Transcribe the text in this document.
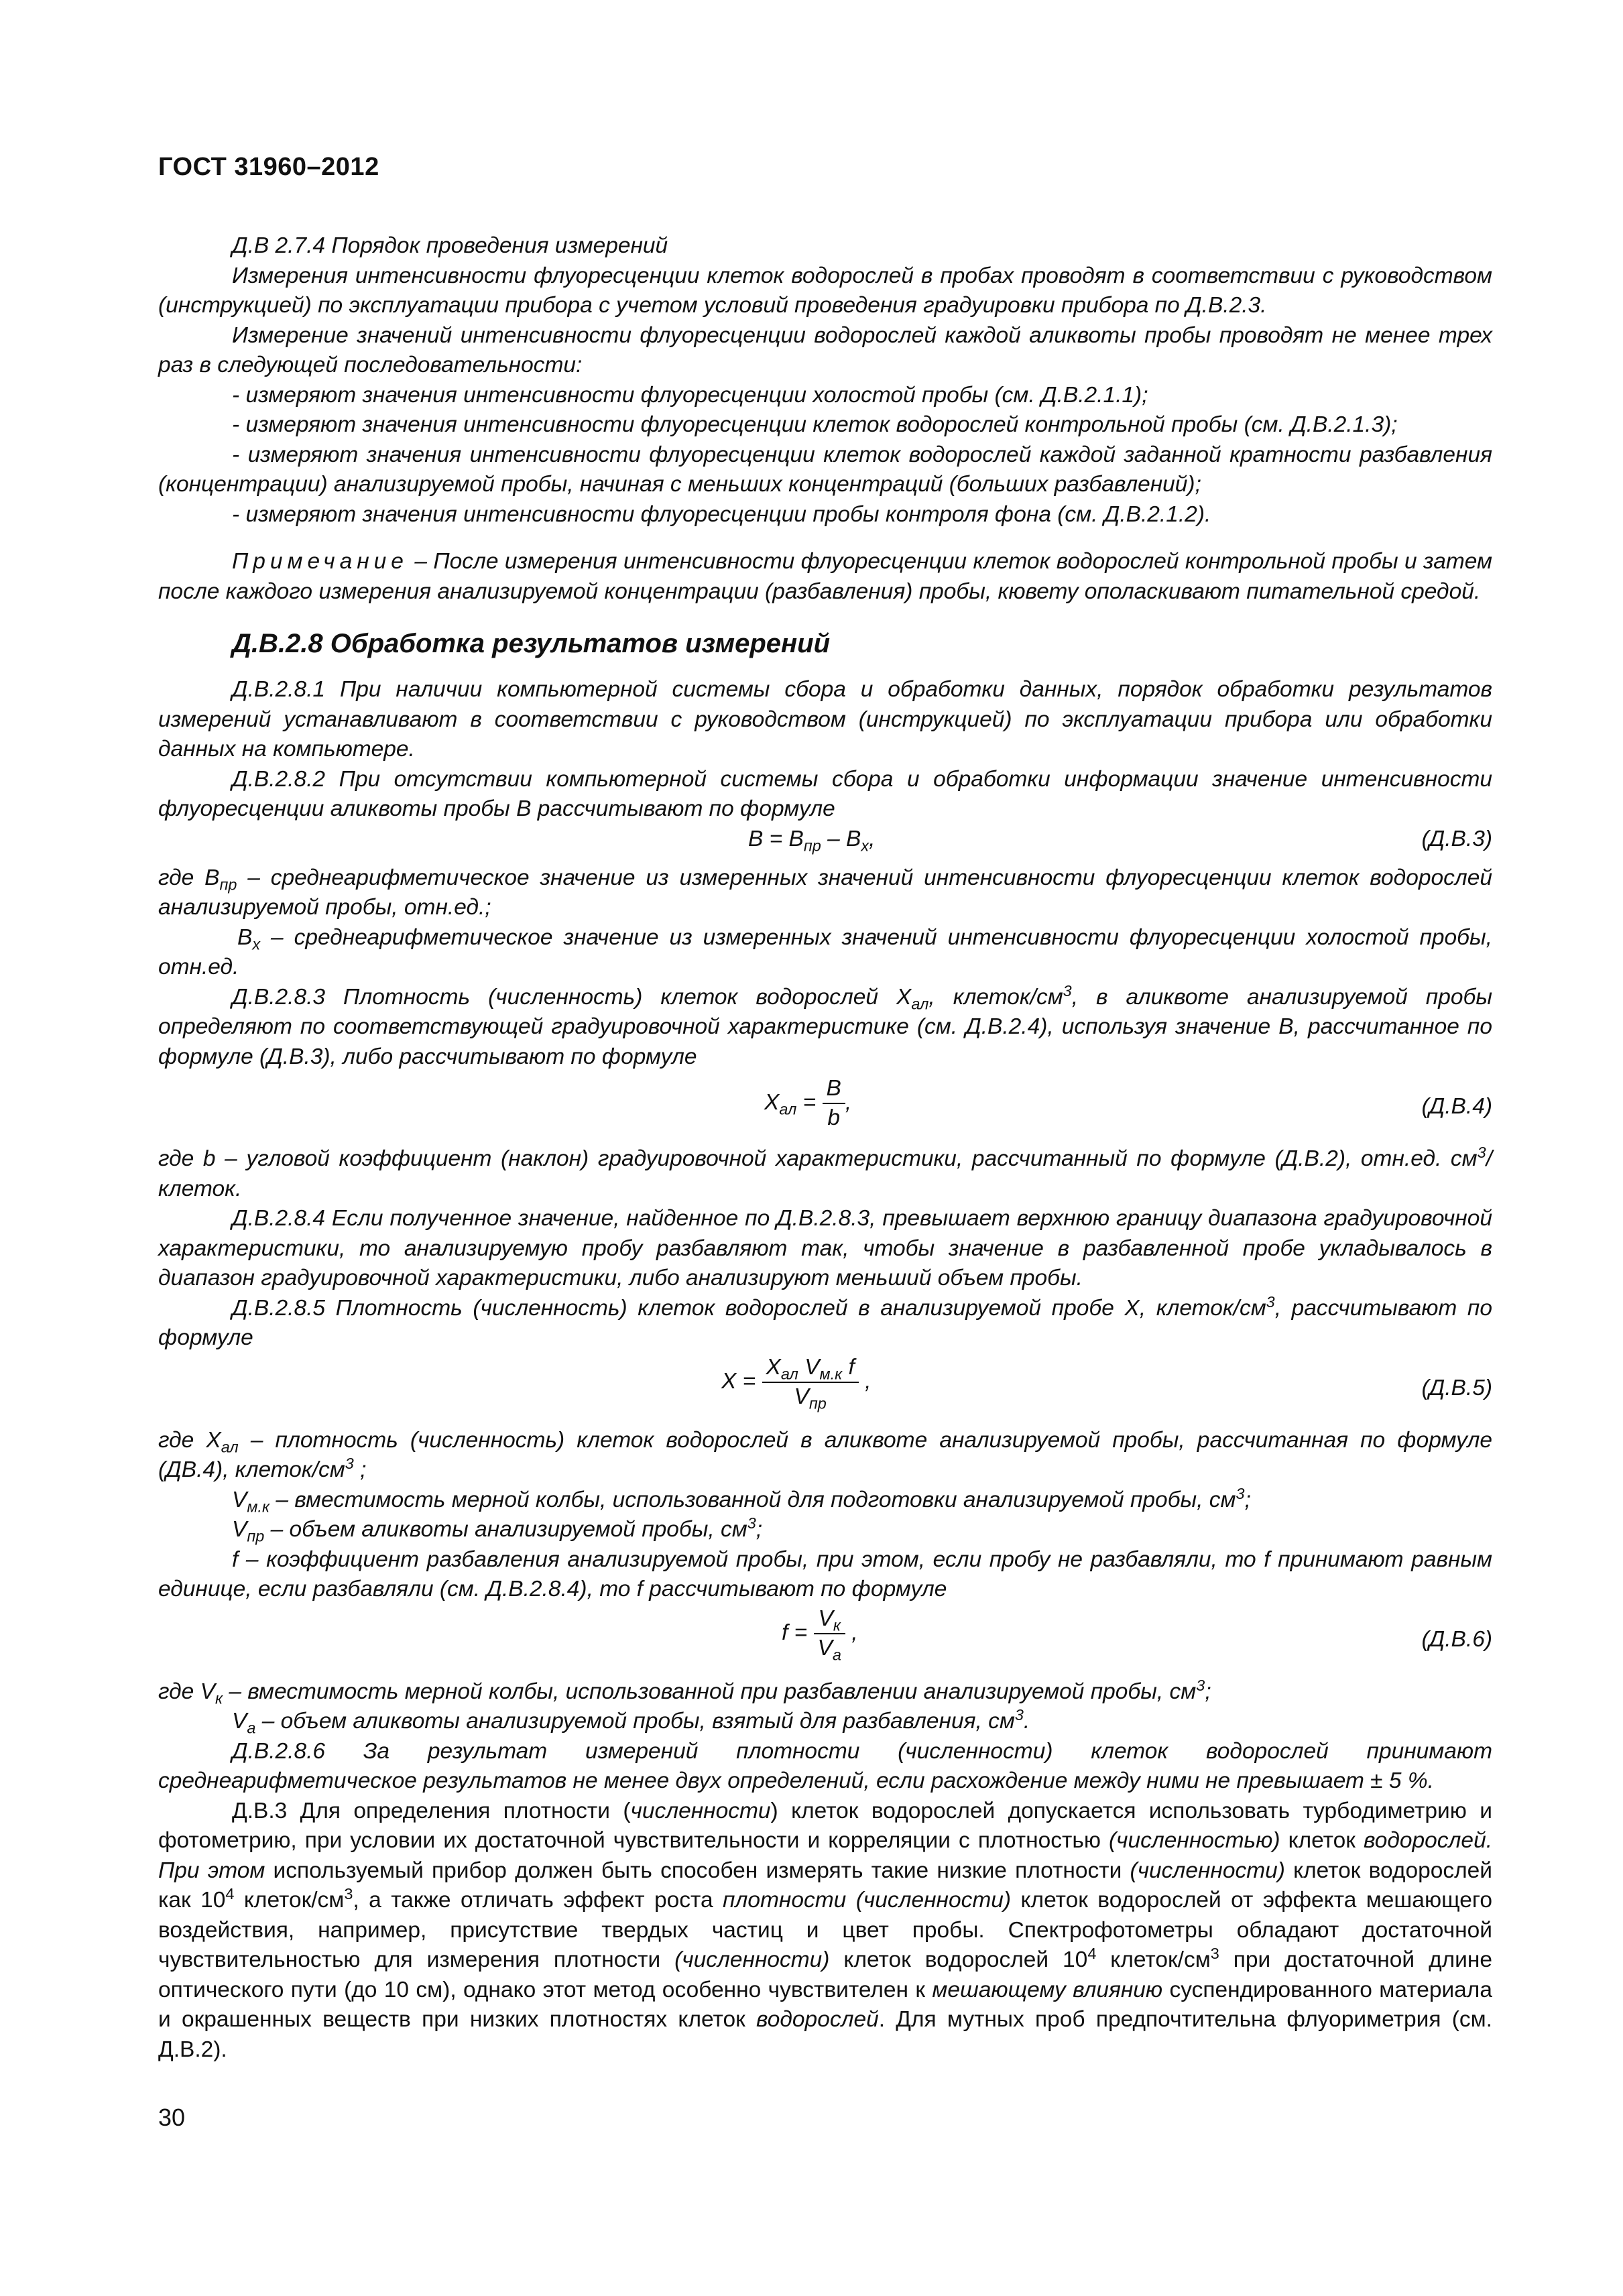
ГОСТ 31960–2012

Д.В 2.7.4 Порядок проведения измерений

Измерения интенсивности флуоресценции клеток водорослей в пробах проводят в соответствии с руководством (инструкцией) по эксплуатации прибора с учетом условий проведения градуировки прибора по Д.В.2.3.

Измерение значений интенсивности флуоресценции водорослей каждой аликвоты пробы проводят не менее трех раз в следующей последовательности:

- измеряют значения интенсивности флуоресценции холостой пробы (см. Д.В.2.1.1);

- измеряют значения интенсивности флуоресценции клеток водорослей контрольной пробы (см. Д.В.2.1.3);

- измеряют значения интенсивности флуоресценции клеток водорослей каждой заданной кратности разбавления (концентрации) анализируемой пробы, начиная с меньших концентраций (больших разбавлений);

- измеряют значения интенсивности флуоресценции пробы контроля фона (см. Д.В.2.1.2).

Примечание – После измерения интенсивности флуоресценции клеток водорослей контрольной пробы и затем после каждого измерения анализируемой концентрации (разбавления) пробы, кювету ополаскивают питательной средой.

Д.В.2.8 Обработка результатов измерений

Д.В.2.8.1 При наличии компьютерной системы сбора и обработки данных, порядок обработки результатов измерений устанавливают в соответствии с руководством (инструкцией) по эксплуатации прибора или обработки данных на компьютере.

Д.В.2.8.2 При отсутствии компьютерной системы сбора и обработки информации значение интенсивности флуоресценции аликвоты пробы B рассчитывают по формуле

$B = B_{пр} - B_x$,	(Д.В.3)

где $B_{пр}$ – среднеарифметическое значение из измеренных значений интенсивности флуоресценции клеток водорослей анализируемой пробы, отн.ед.;

$B_x$ – среднеарифметическое значение из измеренных значений интенсивности флуоресценции холостой пробы, отн.ед.

Д.В.2.8.3 Плотность (численность) клеток водорослей $X_{ал}$, клеток/$см^3$, в аликвоте анализируемой пробы определяют по соответствующей градуировочной характеристике (см. Д.В.2.4), используя значение B, рассчитанное по формуле (Д.В.3), либо рассчитывают по формуле

$X_{ал} = \frac{B}{b}$ ,	(Д.В.4)

где b – угловой коэффициент (наклон) градуировочной характеристики, рассчитанный по формуле (Д.В.2), отн.ед. $см^3$/клеток.

Д.В.2.8.4 Если полученное значение, найденное по Д.В.2.8.3, превышает верхнюю границу диапазона градуировочной характеристики, то анализируемую пробу разбавляют так, чтобы значение в разбавленной пробе укладывалось в диапазон градуировочной характеристики, либо анализируют меньший объем пробы.

Д.В.2.8.5 Плотность (численность) клеток водорослей в анализируемой пробе X, клеток/$см^3$, рассчитывают по формуле

$X = \frac{X_{ал} V_{м.к} f}{V_{пр}}$ ,	(Д.В.5)

где $X_{ал}$ – плотность (численность) клеток водорослей в аликвоте анализируемой пробы, рассчитанная по формуле (ДВ.4), клеток/$см^3$ ;

$V_{м.к}$ – вместимость мерной колбы, использованной для подготовки анализируемой пробы, $см^3$;

$V_{пр}$ – объем аликвоты анализируемой пробы, $см^3$;

f – коэффициент разбавления анализируемой пробы, при этом, если пробу не разбавляли, то f принимают равным единице, если разбавляли (см. Д.В.2.8.4), то f рассчитывают по формуле

$f = \frac{V_к}{V_а}$ ,	(Д.В.6)

где $V_к$ – вместимость мерной колбы, использованной при разбавлении анализируемой пробы, $см^3$;

$V_а$ – объем аликвоты анализируемой пробы, взятый для разбавления, $см^3$.

Д.В.2.8.6 За результат измерений плотности (численности) клеток водорослей принимают среднеарифметическое результатов не менее двух определений, если расхождение между ними не превышает ± 5 %.

Д.В.3 Для определения плотности (численности) клеток водорослей допускается использовать турбодиметрию и фотометрию, при условии их достаточной чувствительности и корреляции с плотностью (численностью) клеток водорослей. При этом используемый прибор должен быть способен измерять такие низкие плотности (численности) клеток водорослей как $10^4$ клеток/$см^3$, а также отличать эффект роста плотности (численности) клеток водорослей от эффекта мешающего воздействия, например, присутствие твердых частиц и цвет пробы. Спектрофотометры обладают достаточной чувствительностью для измерения плотности (численности) клеток водорослей $10^4$ клеток/$см^3$ при достаточной длине оптического пути (до 10 см), однако этот метод особенно чувствителен к мешающему влиянию суспендированного материала и окрашенных веществ при низких плотностях клеток водорослей. Для мутных проб предпочтительна флуориметрия (см. Д.В.2).

30
